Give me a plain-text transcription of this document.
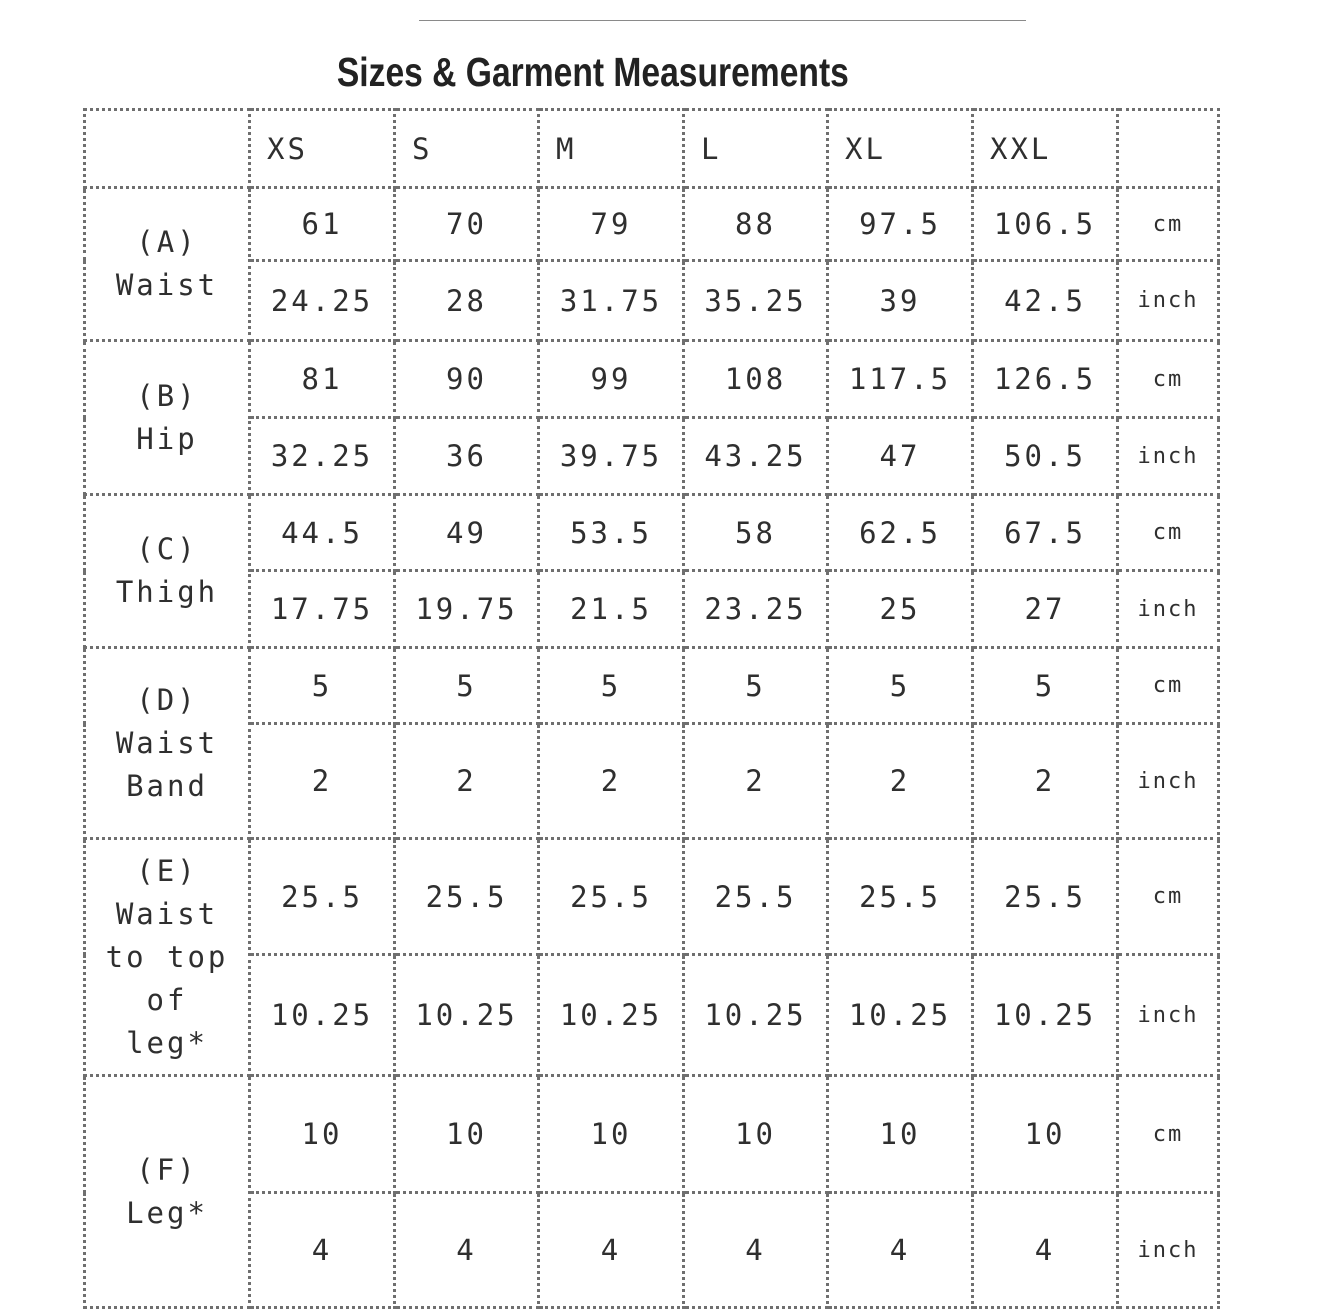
Sizes & Garment Measurements
	XS	S	M	L	XL	XXL	
(A)
Waist	61	70	79	88	97.5	106.5	cm
	24.25	28	31.75	35.25	39	42.5	inch
(B)
Hip	81	90	99	108	117.5	126.5	cm
	32.25	36	39.75	43.25	47	50.5	inch
(C)
Thigh	44.5	49	53.5	58	62.5	67.5	cm
	17.75	19.75	21.5	23.25	25	27	inch
(D)
Waist
Band	5	5	5	5	5	5	cm
	2	2	2	2	2	2	inch
(E)
Waist
to top
of
leg*	25.5	25.5	25.5	25.5	25.5	25.5	cm
	10.25	10.25	10.25	10.25	10.25	10.25	inch
(F)
Leg*	10	10	10	10	10	10	cm
	4	4	4	4	4	4	inch
